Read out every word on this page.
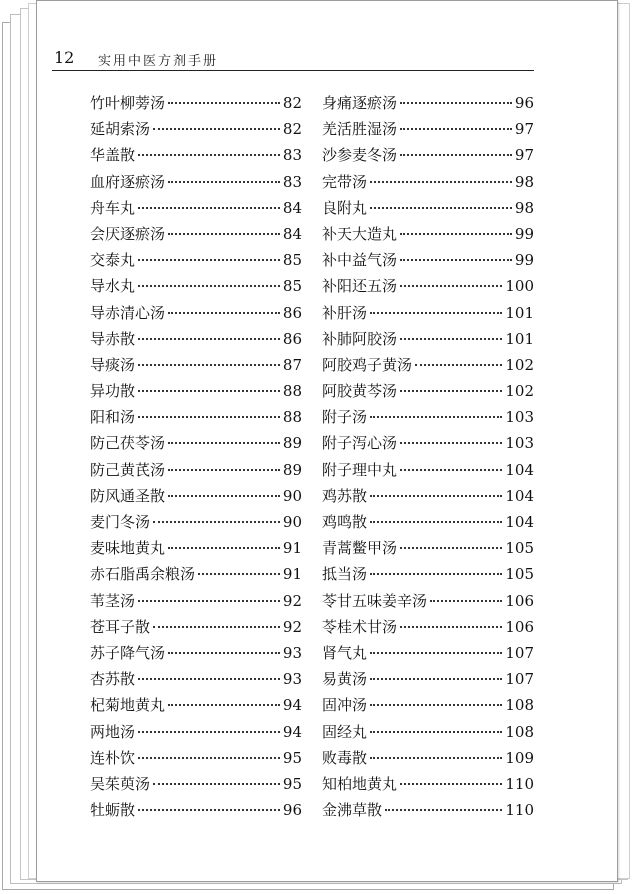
12 实用中医方剂手册
竹叶柳蒡汤	82
延胡索汤	82
华盖散	83
血府逐瘀汤	83
舟车丸	84
会厌逐瘀汤	84
交泰丸	85
导水丸	85
导赤清心汤	86
导赤散	86
导痰汤	87
异功散	88
阳和汤	88
防己茯苓汤	89
防己黄芪汤	89
防风通圣散	90
麦门冬汤	90
麦味地黄丸	91
赤石脂禹余粮汤	91
苇茎汤	92
苍耳子散	92
苏子降气汤	93
杏苏散	93
杞菊地黄丸	94
两地汤	94
连朴饮	95
吴茱萸汤	95
牡蛎散	96
身痛逐瘀汤	96
羌活胜湿汤	97
沙参麦冬汤	97
完带汤	98
良附丸	98
补天大造丸	99
补中益气汤	99
补阳还五汤	100
补肝汤	101
补肺阿胶汤	101
阿胶鸡子黄汤	102
阿胶黄芩汤	102
附子汤	103
附子泻心汤	103
附子理中丸	104
鸡苏散	104
鸡鸣散	104
青蒿鳖甲汤	105
抵当汤	105
苓甘五味姜辛汤	106
苓桂术甘汤	106
肾气丸	107
易黄汤	107
固冲汤	108
固经丸	108
败毒散	109
知柏地黄丸	110
金沸草散	110
